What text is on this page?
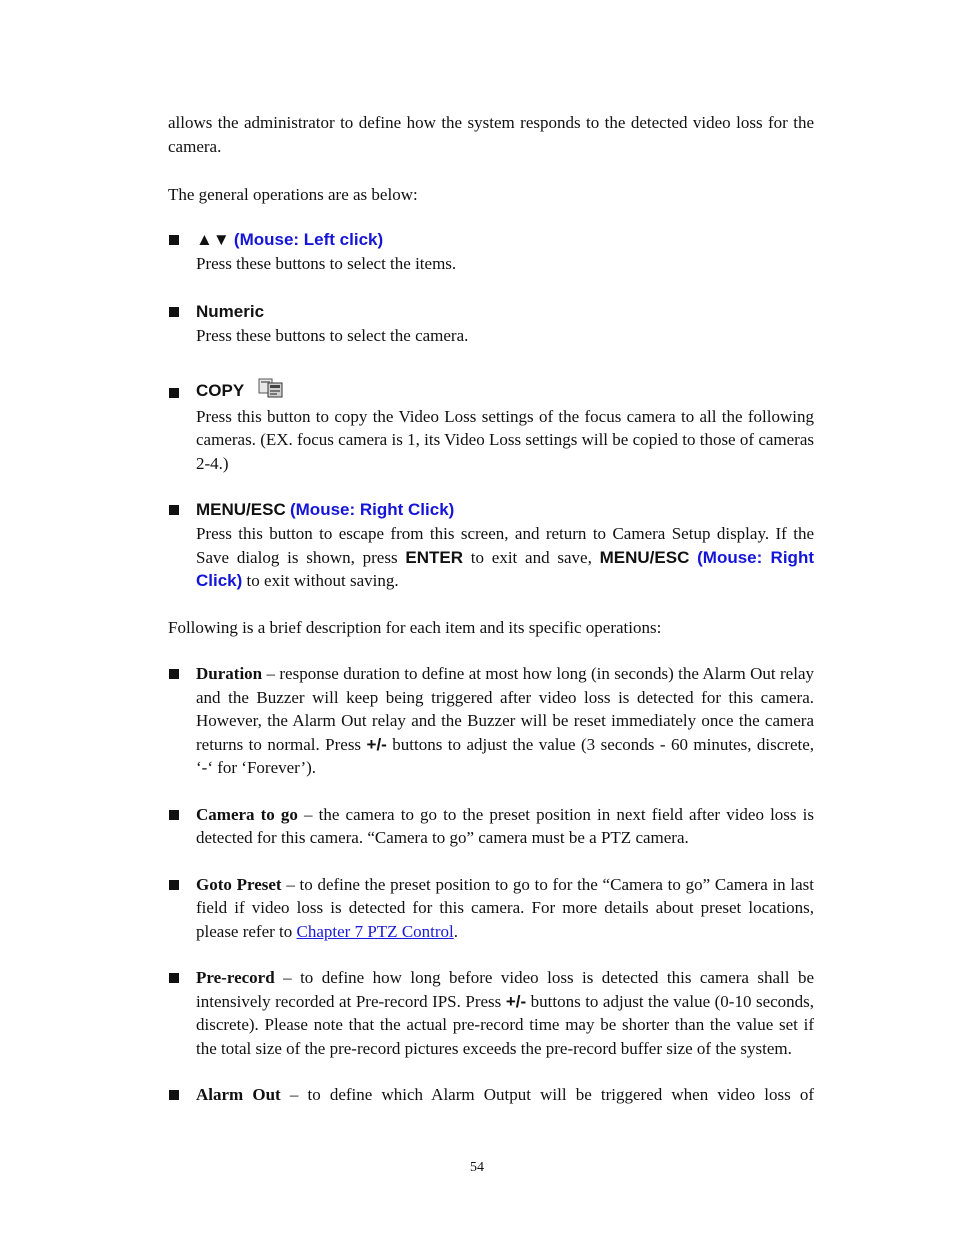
allows the administrator to define how the system responds to the detected video loss for the camera.

The general operations are as below:

▲▼ (Mouse: Left click)

Press these buttons to select the items.

Numeric

Press these buttons to select the camera.

COPY

Press this button to copy the Video Loss settings of the focus camera to all the following cameras. (EX. focus camera is 1, its Video Loss settings will be copied to those of cameras 2-4.)

MENU/ESC (Mouse: Right Click)

Press this button to escape from this screen, and return to Camera Setup display. If the Save dialog is shown, press ENTER to exit and save, MENU/ESC (Mouse: Right Click) to exit without saving.

Following is a brief description for each item and its specific operations:

Duration – response duration to define at most how long (in seconds) the Alarm Out relay and the Buzzer will keep being triggered after video loss is detected for this camera. However, the Alarm Out relay and the Buzzer will be reset immediately once the camera returns to normal. Press +/- buttons to adjust the value (3 seconds - 60 minutes, discrete, ‘-‘ for ‘Forever’).

Camera to go – the camera to go to the preset position in next field after video loss is detected for this camera. “Camera to go” camera must be a PTZ camera.

Goto Preset – to define the preset position to go to for the “Camera to go” Camera in last field if video loss is detected for this camera. For more details about preset locations, please refer to Chapter 7 PTZ Control.

Pre-record – to define how long before video loss is detected this camera shall be intensively recorded at Pre-record IPS. Press +/- buttons to adjust the value (0-10 seconds, discrete). Please note that the actual pre-record time may be shorter than the value set if the total size of the pre-record pictures exceeds the pre-record buffer size of the system.

Alarm Out – to define which Alarm Output will be triggered when video loss of

54
